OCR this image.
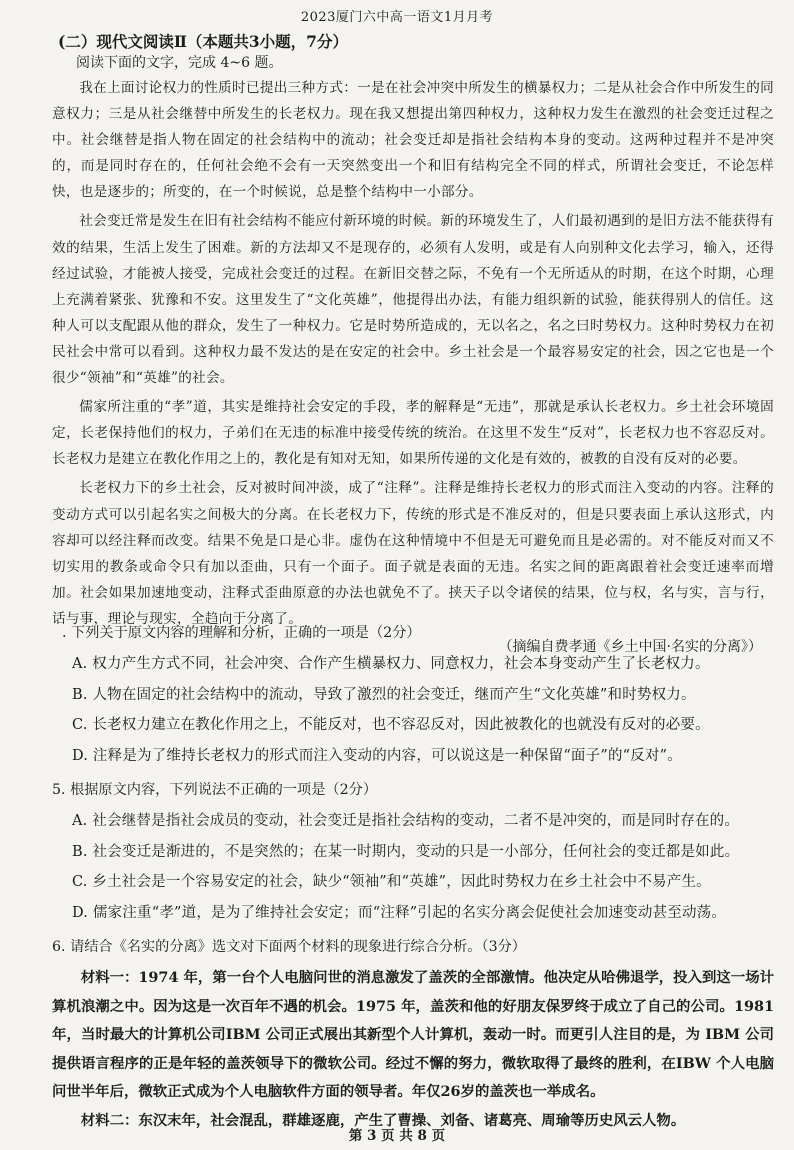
2023厦门六中高一语文1月月考
(二）现代文阅读Ⅱ（本题共3小题，7分）
阅读下面的文字，完成 4~6 题。

我在上面讨论权力的性质时已提出三种方式：一是在社会冲突中所发生的横暴权力；二是从社会合作中所发生的同意权力；三是从社会继替中所发生的长老权力。现在我又想提出第四种权力，这种权力发生在激烈的社会变迁过程之中。社会继替是指人物在固定的社会结构中的流动；社会变迁却是指社会结构本身的变动。这两种过程并不是冲突的，而是同时存在的，任何社会绝不会有一天突然变出一个和旧有结构完全不同的样式，所谓社会变迁，不论怎样快，也是逐步的；所变的，在一个时候说，总是整个结构中一小部分。

社会变迁常是发生在旧有社会结构不能应付新环境的时候。新的环境发生了，人们最初遇到的是旧方法不能获得有效的结果，生活上发生了困难。新的方法却又不是现存的，必须有人发明，或是有人向别种文化去学习，输入，还得经过试验，才能被人接受，完成社会变迁的过程。在新旧交替之际，不免有一个无所适从的时期，在这个时期，心理上充满着紧张、犹豫和不安。这里发生了“文化英雄”，他提得出办法，有能力组织新的试验，能获得别人的信任。这种人可以支配跟从他的群众，发生了一种权力。它是时势所造成的，无以名之，名之曰时势权力。这种时势权力在初民社会中常可以看到。这种权力最不发达的是在安定的社会中。乡土社会是一个最容易安定的社会，因之它也是一个很少“领袖”和“英雄”的社会。

儒家所注重的“孝”道，其实是维持社会安定的手段，孝的解释是“无违”，那就是承认长老权力。乡土社会环境固定，长老保持他们的权力，子弟们在无违的标准中接受传统的统治。在这里不发生“反对”，长老权力也不容忍反对。长老权力是建立在教化作用之上的，教化是有知对无知，如果所传递的文化是有效的，被教的自没有反对的必要。

长老权力下的乡土社会，反对被时间冲淡，成了“注释”。注释是维持长老权力的形式而注入变动的内容。注释的变动方式可以引起名实之间极大的分离。在长老权力下，传统的形式是不准反对的，但是只要表面上承认这形式，内容却可以经注释而改变。结果不免是口是心非。虚伪在这种情境中不但是无可避免而且是必需的。对不能反对而又不切实用的教条或命令只有加以歪曲，只有一个面子。面子就是表面的无违。名实之间的距离跟着社会变迁速率而增加。社会如果加速地变动，注释式歪曲原意的办法也就免不了。挟天子以令诸侯的结果，位与权，名与实，言与行，话与事，理论与现实，全趋向于分离了。

（摘编自费孝通《乡土中国·名实的分离》）

. 下列关于原文内容的理解和分析，正确的一项是（2分）

A. 权力产生方式不同，社会冲突、合作产生横暴权力、同意权力，社会本身变动产生了长老权力。

B. 人物在固定的社会结构中的流动，导致了激烈的社会变迁，继而产生“文化英雄”和时势权力。

C. 长老权力建立在教化作用之上，不能反对，也不容忍反对，因此被教化的也就没有反对的必要。

D. 注释是为了维持长老权力的形式而注入变动的内容，可以说这是一种保留“面子”的“反对”。

5. 根据原文内容，下列说法不正确的一项是（2分）

A. 社会继替是指社会成员的变动，社会变迁是指社会结构的变动，二者不是冲突的，而是同时存在的。

B. 社会变迁是渐进的，不是突然的；在某一时期内，变动的只是一小部分，任何社会的变迁都是如此。

C. 乡土社会是一个容易安定的社会，缺少“领袖”和“英雄”，因此时势权力在乡土社会中不易产生。

D. 儒家注重“孝”道，是为了维持社会安定；而“注释”引起的名实分离会促使社会加速变动甚至动荡。

6. 请结合《名实的分离》选文对下面两个材料的现象进行综合分析。（3分）

材料一：1974 年，第一台个人电脑问世的消息激发了盖茨的全部激情。他决定从哈佛退学，投入到这一场计算机浪潮之中。因为这是一次百年不遇的机会。1975 年，盖茨和他的好朋友保罗终于成立了自己的公司。1981年，当时最大的计算机公司IBM 公司正式展出其新型个人计算机，轰动一时。而更引人注目的是，为 IBM 公司提供语言程序的正是年轻的盖茨领导下的微软公司。经过不懈的努力，微软取得了最终的胜利，在IBW 个人电脑问世半年后，微软正式成为个人电脑软件方面的领导者。年仅26岁的盖茨也一举成名。

材料二：东汉末年，社会混乱，群雄逐鹿，产生了曹操、刘备、诸葛亮、周瑜等历史风云人物。

第 3 页 共 8 页
